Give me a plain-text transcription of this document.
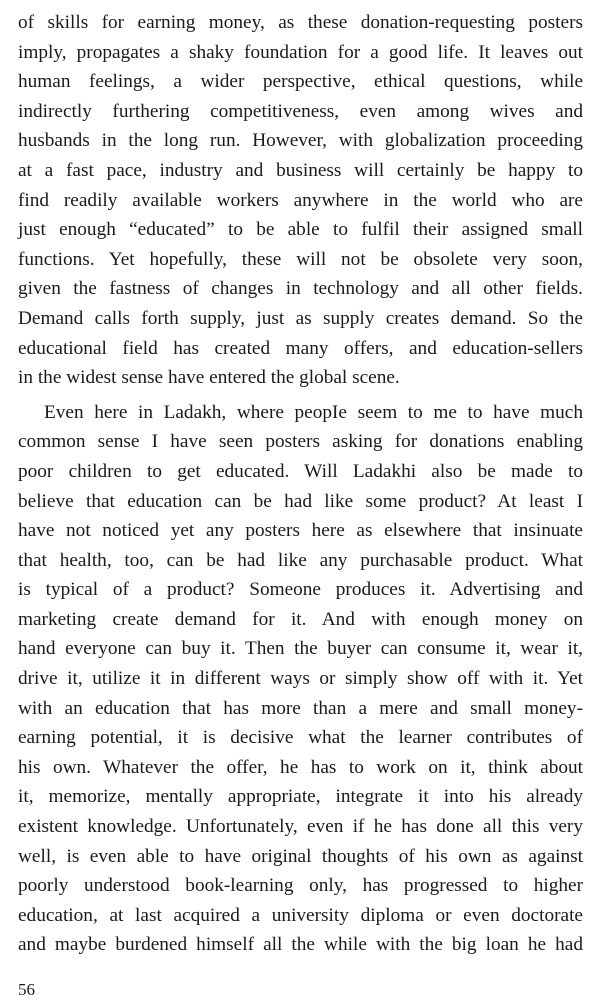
of skills for earning money, as these donation-requesting posters
imply, propagates a shaky foundation for a good life. It leaves out
human feelings, a wider perspective, ethical questions, while
indirectly furthering competitiveness, even among wives and
husbands in the long run. However, with globalization proceeding
at a fast pace, industry and business will certainly be happy to
find readily available workers anywhere in the world who are
just enough “educated” to be able to fulfil their assigned small
functions. Yet hopefully, these will not be obsolete very soon,
given the fastness of changes in technology and all other fields.
Demand calls forth supply, just as supply creates demand. So the
educational field has created many offers, and education-sellers
in the widest sense have entered the global scene.
Even here in Ladakh, where peopIe seem to me to have much
common sense I have seen posters asking for donations enabling
poor children to get educated. Will Ladakhi also be made to
believe that education can be had like some product? At least I
have not noticed yet any posters here as elsewhere that insinuate
that health, too, can be had like any purchasable product. What
is typical of a product? Someone produces it. Advertising and
marketing create demand for it. And with enough money on
hand everyone can buy it. Then the buyer can consume it, wear it,
drive it, utilize it in different ways or simply show off with it. Yet
with an education that has more than a mere and small money-
earning potential, it is decisive what the learner contributes of
his own. Whatever the offer, he has to work on it, think about
it, memorize, mentally appropriate, integrate it into his already
existent knowledge. Unfortunately, even if he has done all this very
well, is even able to have original thoughts of his own as against
poorly understood book-learning only, has progressed to higher
education, at last acquired a university diploma or even doctorate
and maybe burdened himself all the while with the big loan he had
56
